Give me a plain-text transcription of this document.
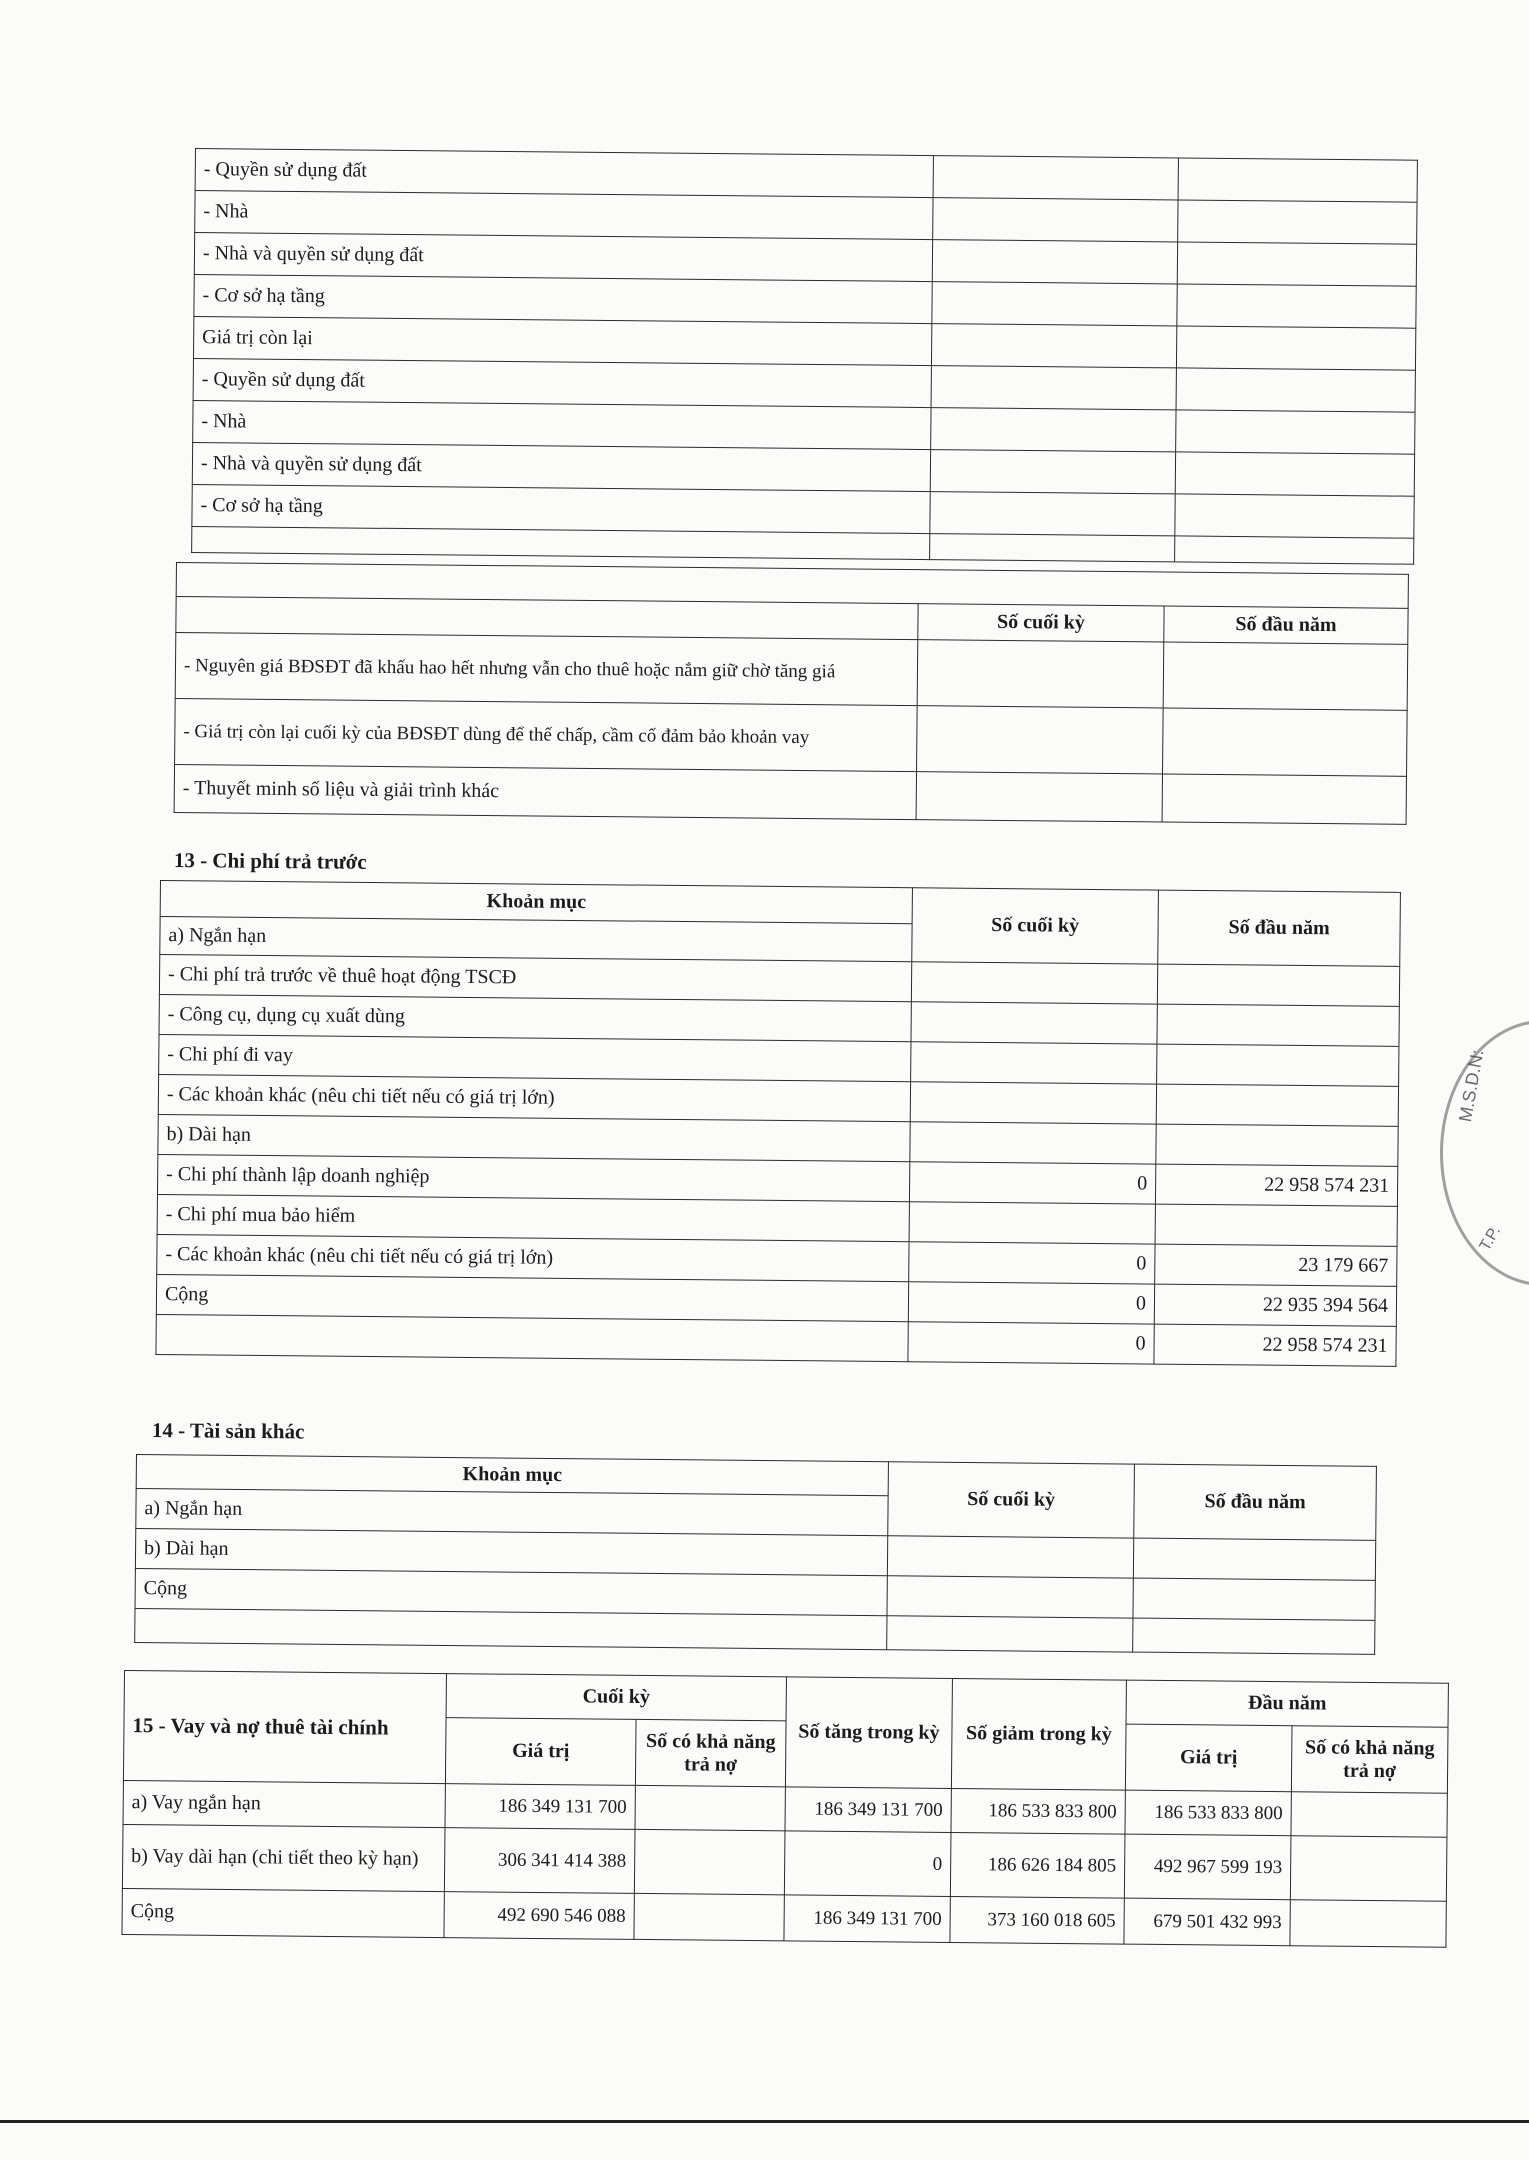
- Quyền sử dụng đất		
- Nhà		
- Nhà và quyền sử dụng đất		
- Cơ sở hạ tầng		
Giá trị còn lại		
- Quyền sử dụng đất		
- Nhà		
- Nhà và quyền sử dụng đất		
- Cơ sở hạ tầng		

	Số cuối kỳ	Số đầu năm
- Nguyên giá BĐSĐT đã khấu hao hết nhưng vẫn cho thuê hoặc nắm giữ chờ tăng giá		
- Giá trị còn lại cuối kỳ của BĐSĐT dùng để thế chấp, cầm cố đảm bảo khoản vay		
- Thuyết minh số liệu và giải trình khác		
13 - Chi phí trả trước
Khoản mục	Số cuối kỳ	Số đầu năm
a) Ngắn hạn		
- Chi phí trả trước về thuê hoạt động TSCĐ		
- Công cụ, dụng cụ xuất dùng		
- Chi phí đi vay		
- Các khoản khác (nêu chi tiết nếu có giá trị lớn)		
b) Dài hạn		
- Chi phí thành lập doanh nghiệp	0	22 958 574 231
- Chi phí mua bảo hiểm		
- Các khoản khác (nêu chi tiết nếu có giá trị lớn)	0	23 179 667
Cộng	0	22 935 394 564
	0	22 958 574 231
14 - Tài sản khác
Khoản mục	Số cuối kỳ	Số đầu năm
a) Ngắn hạn		
b) Dài hạn		
Cộng		

15 - Vay và nợ thuê tài chính	Cuối kỳ		Số tăng trong kỳ	Số giảm trong kỳ	Đầu năm	
	Giá trị	Số có khả năng trả nợ			Giá trị	Số có khả năng trả nợ
a) Vay ngắn hạn	186 349 131 700		186 349 131 700	186 533 833 800	186 533 833 800	
b) Vay dài hạn (chi tiết theo kỳ hạn)	306 341 414 388		0	186 626 184 805	492 967 599 193	
Cộng	492 690 546 088		186 349 131 700	373 160 018 605	679 501 432 993	
M.S.D.N:
T.P.
